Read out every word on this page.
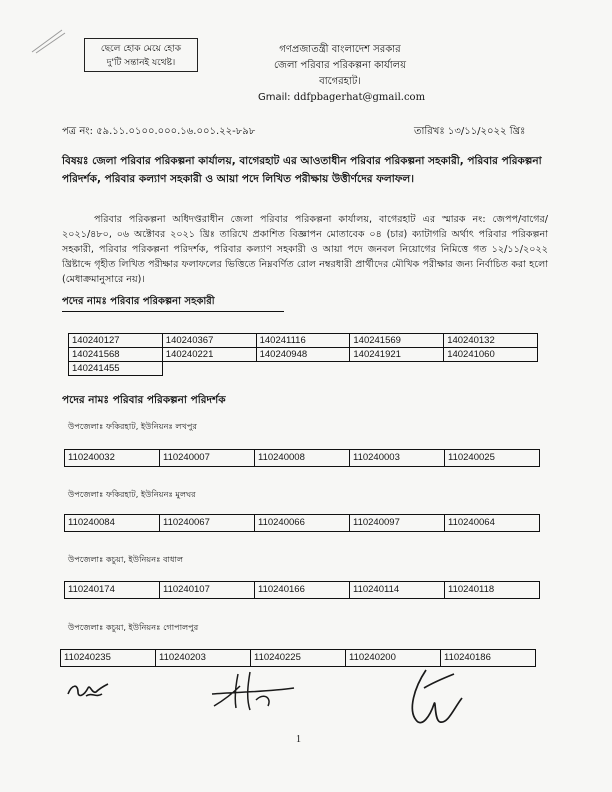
ছেলে হোক মেয়ে হোক
দু'টি সন্তানই যথেষ্ট।
গণপ্রজাতন্ত্রী বাংলাদেশ সরকার
জেলা পরিবার পরিকল্পনা কার্যালয়
বাগেরহাট।
Gmail: ddfpbagerhat@gmail.com
পত্র নং: ৫৯.১১.০১০০.০০০.১৬.০০১.২২-৮৯৮	তারিখঃ ১৩/১১/২০২২ খ্রিঃ
বিষয়ঃ জেলা পরিবার পরিকল্পনা কার্যালয়, বাগেরহাট এর আওতাধীন পরিবার পরিকল্পনা সহকারী, পরিবার পরিকল্পনা পরিদর্শক, পরিবার কল্যাণ সহকারী ও আয়া পদে লিখিত পরীক্ষায় উত্তীর্ণদের ফলাফল।
পরিবার পরিকল্পনা অধিদপ্তরাধীন জেলা পরিবার পরিকল্পনা কার্যালয়, বাগেরহাট এর স্মারক নং: জেপপ/বাগের/২০২১/৪৮০, ০৬ অক্টোবর ২০২১ খ্রিঃ তারিখে প্রকাশিত বিজ্ঞাপন মোতাবেক ০৪ (চার) ক্যাটাগরি অর্থাৎ পরিবার পরিকল্পনা সহকারী, পরিবার পরিকল্পনা পরিদর্শক, পরিবার কল্যাণ সহকারী ও আয়া পদে জনবল নিয়োগের নিমিত্তে গত ১২/১১/২০২২ খ্রিষ্টাব্দে গৃহীত লিখিত পরীক্ষার ফলাফলের ভিত্তিতে নিম্নবর্ণিত রোল নম্বরধারী প্রার্থীদের মৌখিক পরীক্ষার জন্য নির্বাচিত করা হলো (মেধাক্রমানুসারে নয়)।
পদের নামঃ পরিবার পরিকল্পনা সহকারী
140240127	140240367	140241116	140241569	140240132
140241568	140240221	140240948	140241921	140241060
140241455				
পদের নামঃ পরিবার পরিকল্পনা পরিদর্শক
উপজেলাঃ ফকিরহাট, ইউনিয়নঃ লখপুর
110240032	110240007	110240008	110240003	110240025
উপজেলাঃ ফকিরহাট, ইউনিয়নঃ মুলঘর
110240084	110240067	110240066	110240097	110240064
উপজেলাঃ কচুয়া, ইউনিয়নঃ বাধাল
110240174	110240107	110240166	110240114	110240118
উপজেলাঃ কচুয়া, ইউনিয়নঃ গোপালপুর
110240235	110240203	110240225	110240200	110240186
1
